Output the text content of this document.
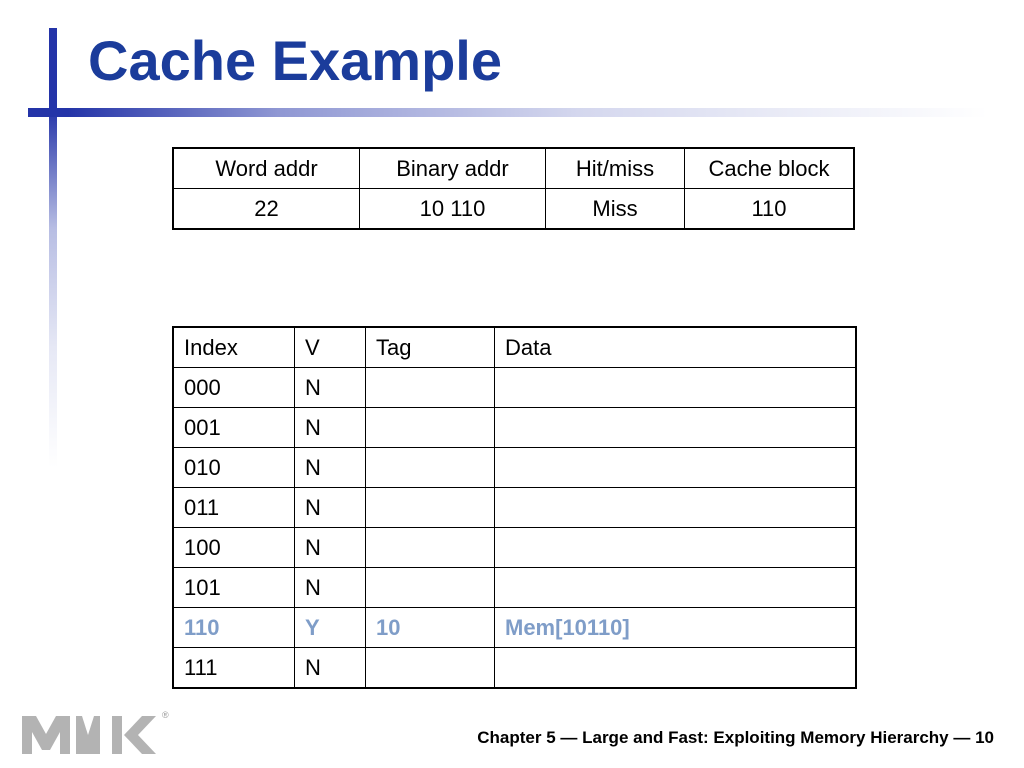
Cache Example
Word addr	Binary addr	Hit/miss	Cache block
22	10 110	Miss	110
Index	V	Tag	Data
000	N		
001	N		
010	N		
011	N		
100	N		
101	N		
110	Y	10	Mem[10110]
111	N		
®
Chapter 5 — Large and Fast: Exploiting Memory Hierarchy — 10
